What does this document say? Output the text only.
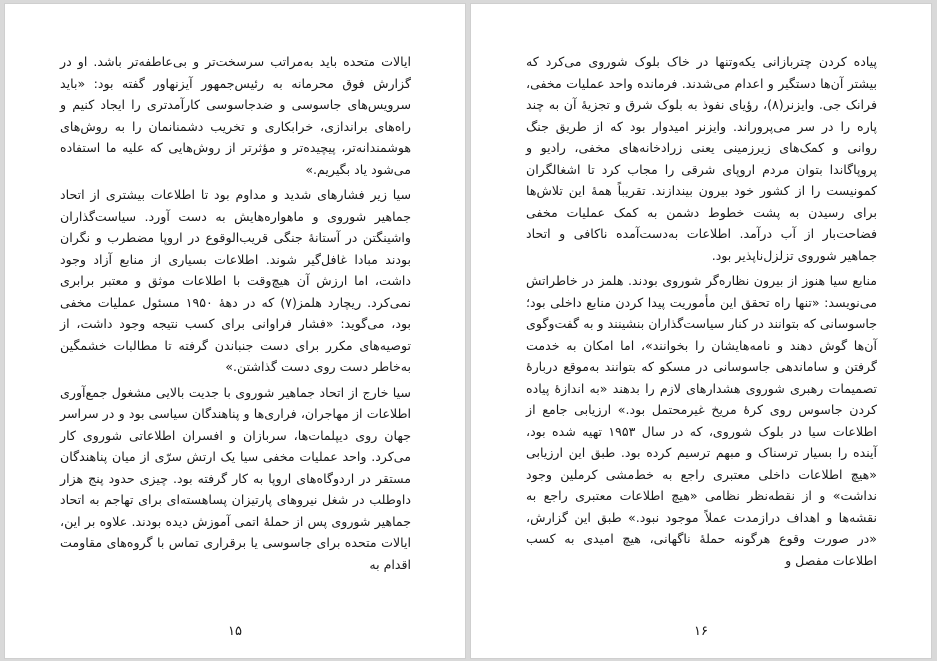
ایالات متحده باید به‌مراتب سرسخت‌تر و بی‌عاطفه‌تر باشد. او در گزارش فوق محرمانه به رئیس‌جمهور آیزنهاور گفته بود: «باید سرویس‌های جاسوسی و ضدجاسوسی کارآمدتری را ایجاد کنیم و راه‌های براندازی، خرابکاری و تخریب دشمنانمان را به روش‌های هوشمندانه‌تر، پیچیده‌تر و مؤثرتر از روش‌هایی که علیه ما استفاده می‌شود یاد بگیریم.»

سیا زیر فشارهای شدید و مداوم بود تا اطلاعات بیشتری از اتحاد جماهیر شوروی و ماهواره‌هایش به دست آورد. سیاست‌گذاران واشینگتن در آستانهٔ جنگی قریب‌الوقوع در اروپا مضطرب و نگران بودند مبادا غافل‌گیر شوند. اطلاعات بسیاری از منابع آزاد وجود داشت، اما ارزش آن هیچ‌وقت با اطلاعات موثق و معتبر برابری نمی‌کرد. ریچارد هلمز(۷) که در دههٔ ۱۹۵۰ مسئول عملیات مخفی بود، می‌گوید: «فشار فراوانی برای کسب نتیجه وجود داشت، از توصیه‌های مکرر برای دست جنباندن گرفته تا مطالبات خشمگین به‌خاطر دست روی دست گذاشتن.»

سیا خارج از اتحاد جماهیر شوروی با جدیت بالایی مشغول جمع‌آوری اطلاعات از مهاجران، فراری‌ها و پناهندگان سیاسی بود و در سراسر جهان روی دیپلمات‌ها، سربازان و افسران اطلاعاتی شوروی کار می‌کرد. واحد عملیات مخفی سیا یک ارتش سرّی از میان پناهندگان مستقر در اردوگاه‌های اروپا به کار گرفته بود. چیزی حدود پنج هزار داوطلب در شغل نیروهای پارتیزان پساهسته‌ای برای تهاجم به اتحاد جماهیر شوروی پس از حملهٔ اتمی آموزش دیده بودند. علاوه بر این، ایالات متحده برای جاسوسی یا برقراری تماس با گروه‌های مقاومت اقدام به

۱۵

پیاده کردن چترباز‌انی یکه‌وتنها در خاک بلوک شوروی می‌کرد که بیشتر آن‌ها دستگیر و اعدام می‌شدند. فرمانده واحد عملیات مخفی، فرانک جی. وایزنر(۸)، رؤیای نفوذ به بلوک شرق و تجزیهٔ آن به چند پاره را در سر می‌پروراند. وایزنر امیدوار بود که از طریق جنگ روانی و کمک‌های زیرزمینی یعنی زرادخانه‌های مخفی، رادیو و پروپاگاندا بتوان مردم اروپای شرقی را مجاب کرد تا اشغالگران کمونیست را از کشور خود بیرون بیندازند. تقریباً همهٔ این تلاش‌ها برای رسیدن به پشت خطوط دشمن به کمک عملیات مخفی فضاحت‌بار از آب درآمد. اطلاعات به‌دست‌آمده ناکافی و اتحاد جماهیر شوروی تزلزل‌ناپذیر بود.

منابع سیا هنوز از بیرون نظاره‌گر شوروی بودند. هلمز در خاطراتش می‌نویسد: «تنها راه تحقق این مأموریت پیدا کردن منابع داخلی بود؛ جاسوسانی که بتوانند در کنار سیاست‌گذاران بنشینند و به گفت‌وگوی آن‌ها گوش دهند و نامه‌هایشان را بخوانند»، اما امکان به خدمت گرفتن و ساماندهی جاسوسانی در مسکو که بتوانند به‌موقع دربارهٔ تصمیمات رهبری شوروی هشدارهای لازم را بدهند «به اندازهٔ پیاده کردن جاسوس روی کرهٔ مریخ غیرمحتمل بود.» ارزیابی جامع از اطلاعات سیا در بلوک شوروی، که در سال ۱۹۵۳ تهیه شده بود، آینده را بسیار ترسناک و مبهم ترسیم کرده بود. طبق این ارزیابی «هیچ اطلاعات داخلی معتبری راجع به خط‌مشی کرملین وجود نداشت» و از نقطه‌نظر نظامی «هیچ اطلاعات معتبری راجع به نقشه‌ها و اهداف درازمدت عملاً موجود نبود.» طبق این گزارش، «در صورت وقوع هرگونه حملهٔ ناگهانی، هیچ امیدی به کسب اطلاعات مفصل و

۱۶
